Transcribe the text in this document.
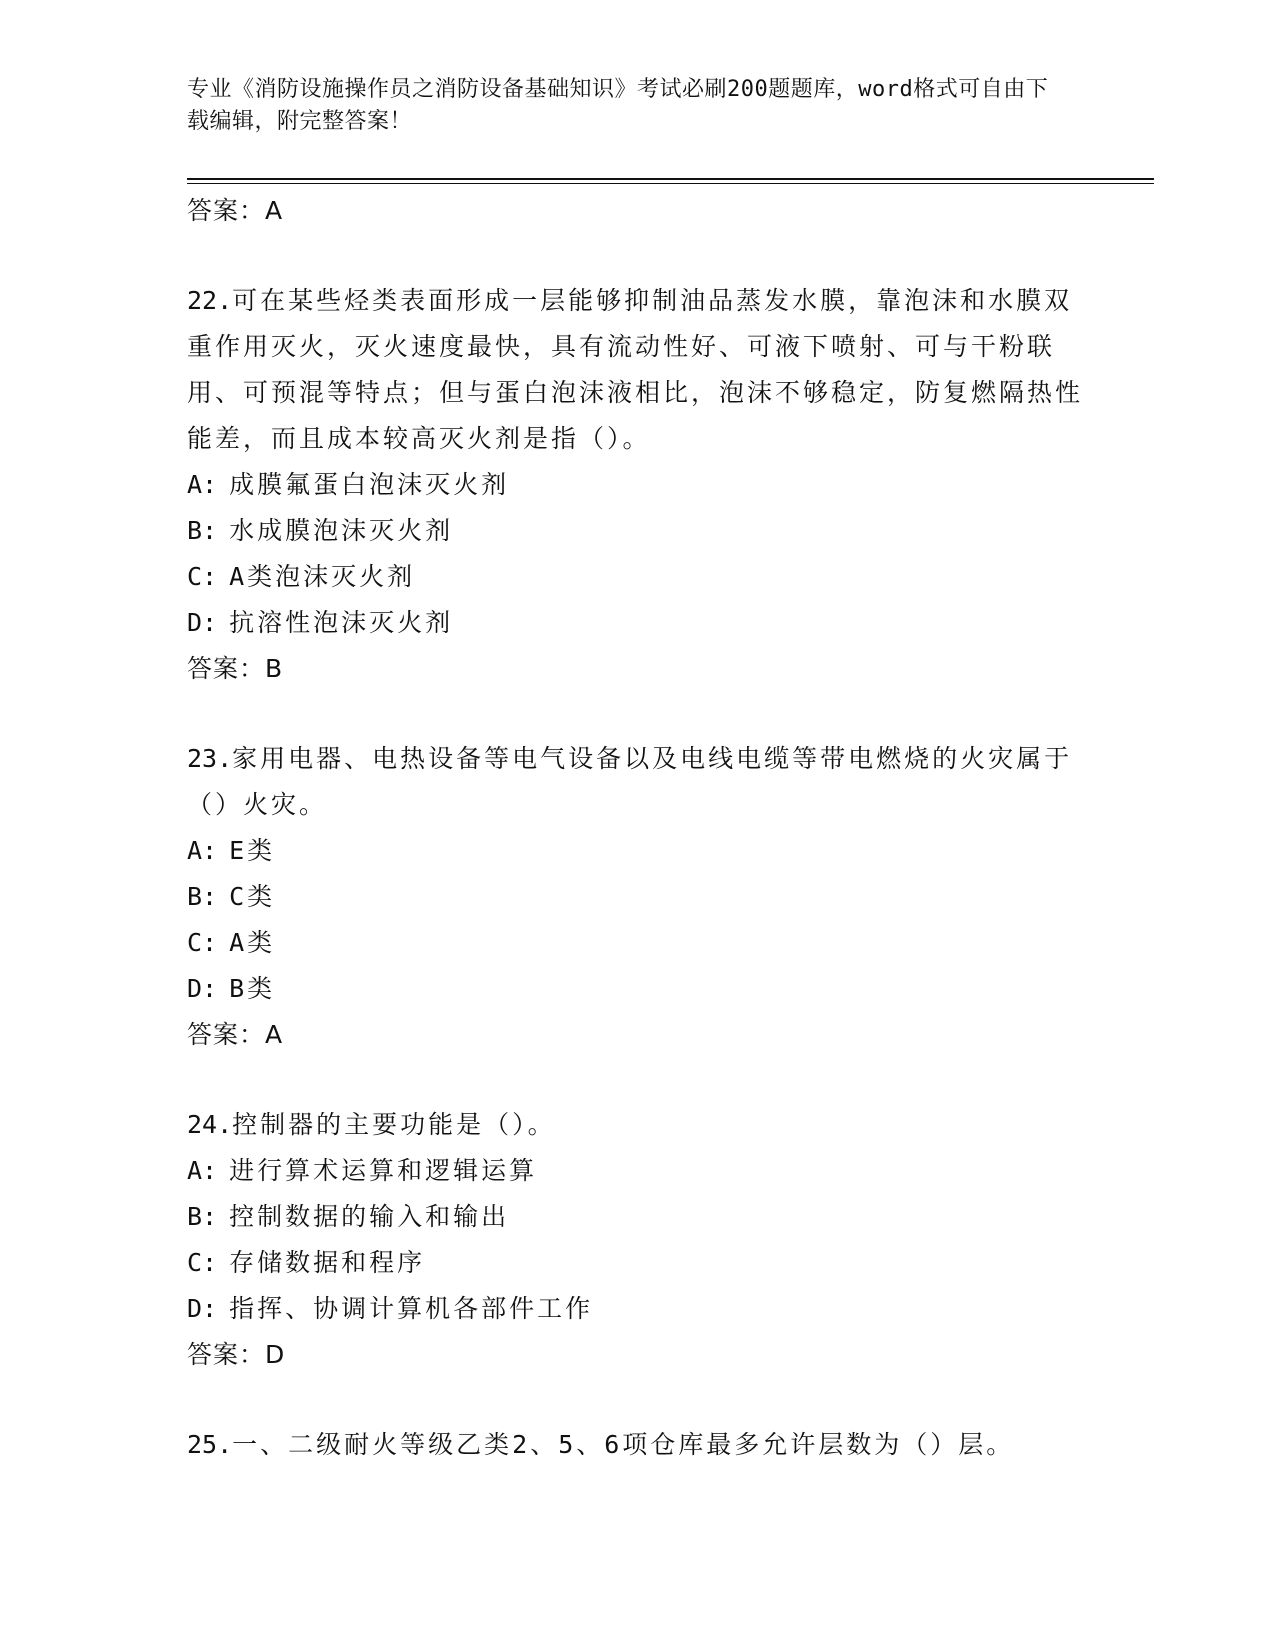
专业《消防设施操作员之消防设备基础知识》考试必刷200题题库，word格式可自由下载编辑，附完整答案！
答案：A
22.可在某些烃类表面形成一层能够抑制油品蒸发水膜，靠泡沫和水膜双重作用灭火，灭火速度最快，具有流动性好、可液下喷射、可与干粉联用、可预混等特点；但与蛋白泡沫液相比，泡沫不够稳定，防复燃隔热性能差，而且成本较高灭火剂是指（）。
A: 成膜氟蛋白泡沫灭火剂
B: 水成膜泡沫灭火剂
C: A类泡沫灭火剂
D: 抗溶性泡沫灭火剂
答案：B
23.家用电器、电热设备等电气设备以及电线电缆等带电燃烧的火灾属于（）火灾。
A: E类
B: C类
C: A类
D: B类
答案：A
24.控制器的主要功能是（）。
A: 进行算术运算和逻辑运算
B: 控制数据的输入和输出
C: 存储数据和程序
D: 指挥、协调计算机各部件工作
答案：D
25.一、二级耐火等级乙类2、5、6项仓库最多允许层数为（）层。
